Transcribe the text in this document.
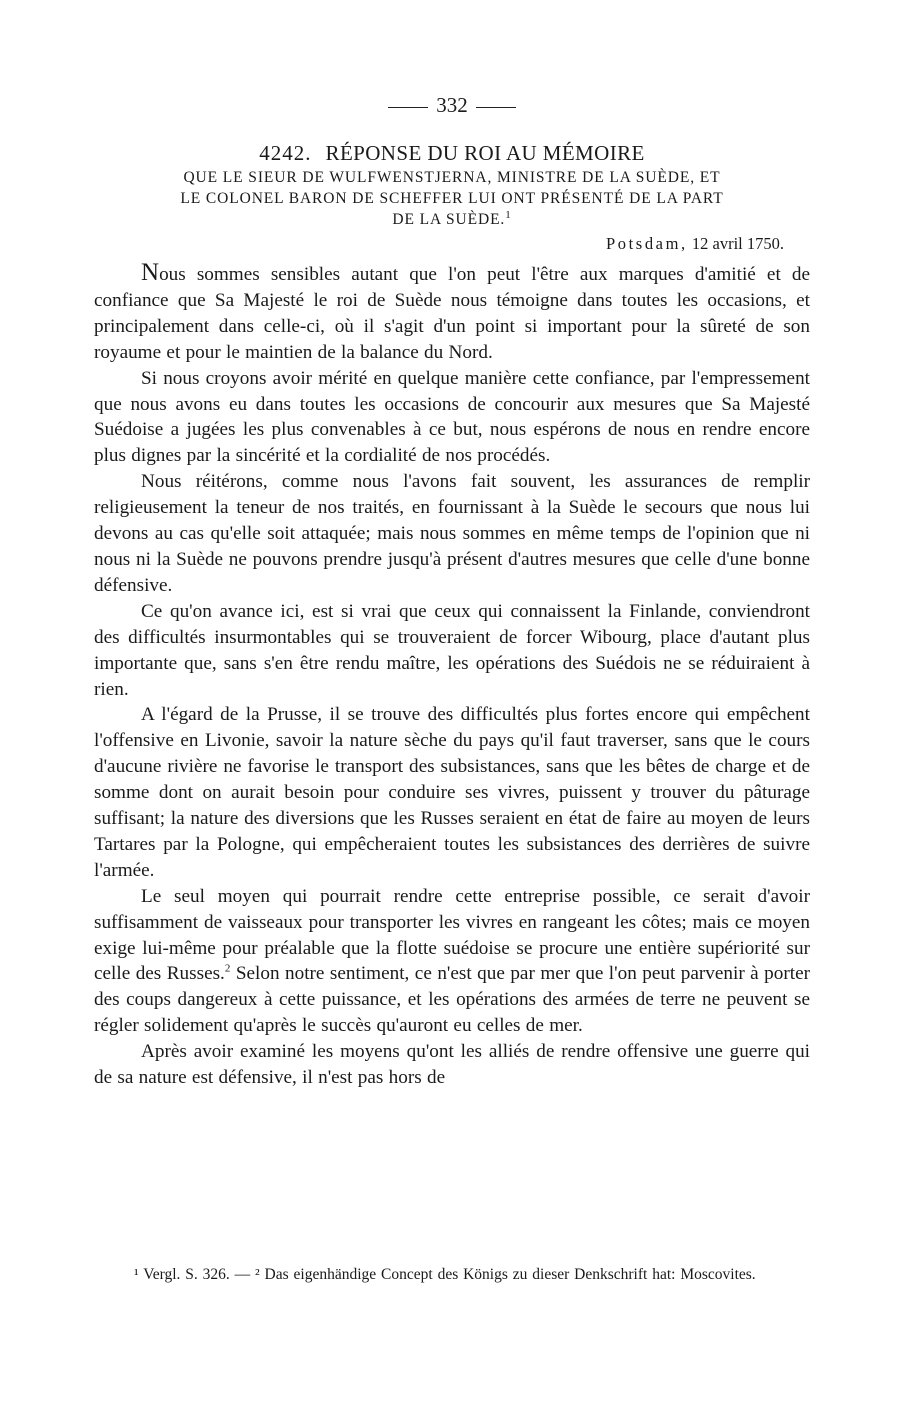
332
4242. RÉPONSE DU ROI AU MÉMOIRE
QUE LE SIEUR DE WULFWENSTJERNA, MINISTRE DE LA SUÈDE, ET
LE COLONEL BARON DE SCHEFFER LUI ONT PRÉSENTÉ DE LA PART
DE LA SUÈDE.$^1$
Potsdam, 12 avril 1750.

Nous sommes sensibles autant que l'on peut l'être aux marques d'amitié et de confiance que Sa Majesté le roi de Suède nous témoigne dans toutes les occasions, et principalement dans celle-ci, où il s'agit d'un point si important pour la sûreté de son royaume et pour le maintien de la balance du Nord.

Si nous croyons avoir mérité en quelque manière cette confiance, par l'empressement que nous avons eu dans toutes les occasions de concourir aux mesures que Sa Majesté Suédoise a jugées les plus convenables à ce but, nous espérons de nous en rendre encore plus dignes par la sincérité et la cordialité de nos procédés.

Nous réitérons, comme nous l'avons fait souvent, les assurances de remplir religieusement la teneur de nos traités, en fournissant à la Suède le secours que nous lui devons au cas qu'elle soit attaquée; mais nous sommes en même temps de l'opinion que ni nous ni la Suède ne pouvons prendre jusqu'à présent d'autres mesures que celle d'une bonne défensive.

Ce qu'on avance ici, est si vrai que ceux qui connaissent la Finlande, conviendront des difficultés insurmontables qui se trouveraient de forcer Wibourg, place d'autant plus importante que, sans s'en être rendu maître, les opérations des Suédois ne se réduiraient à rien.

A l'égard de la Prusse, il se trouve des difficultés plus fortes encore qui empêchent l'offensive en Livonie, savoir la nature sèche du pays qu'il faut traverser, sans que le cours d'aucune rivière ne favorise le transport des subsistances, sans que les bêtes de charge et de somme dont on aurait besoin pour conduire ses vivres, puissent y trouver du pâturage suffisant; la nature des diversions que les Russes seraient en état de faire au moyen de leurs Tartares par la Pologne, qui empêcheraient toutes les subsistances des derrières de suivre l'armée.

Le seul moyen qui pourrait rendre cette entreprise possible, ce serait d'avoir suffisamment de vaisseaux pour transporter les vivres en rangeant les côtes; mais ce moyen exige lui-même pour préalable que la flotte suédoise se procure une entière supériorité sur celle des Russes.$^2$ Selon notre sentiment, ce n'est que par mer que l'on peut parvenir à porter des coups dangereux à cette puissance, et les opérations des armées de terre ne peuvent se régler solidement qu'après le succès qu'auront eu celles de mer.

Après avoir examiné les moyens qu'ont les alliés de rendre offensive une guerre qui de sa nature est défensive, il n'est pas hors de

¹ Vergl. S. 326. — ² Das eigenhändige Concept des Königs zu dieser Denkschrift hat: Moscovites.
